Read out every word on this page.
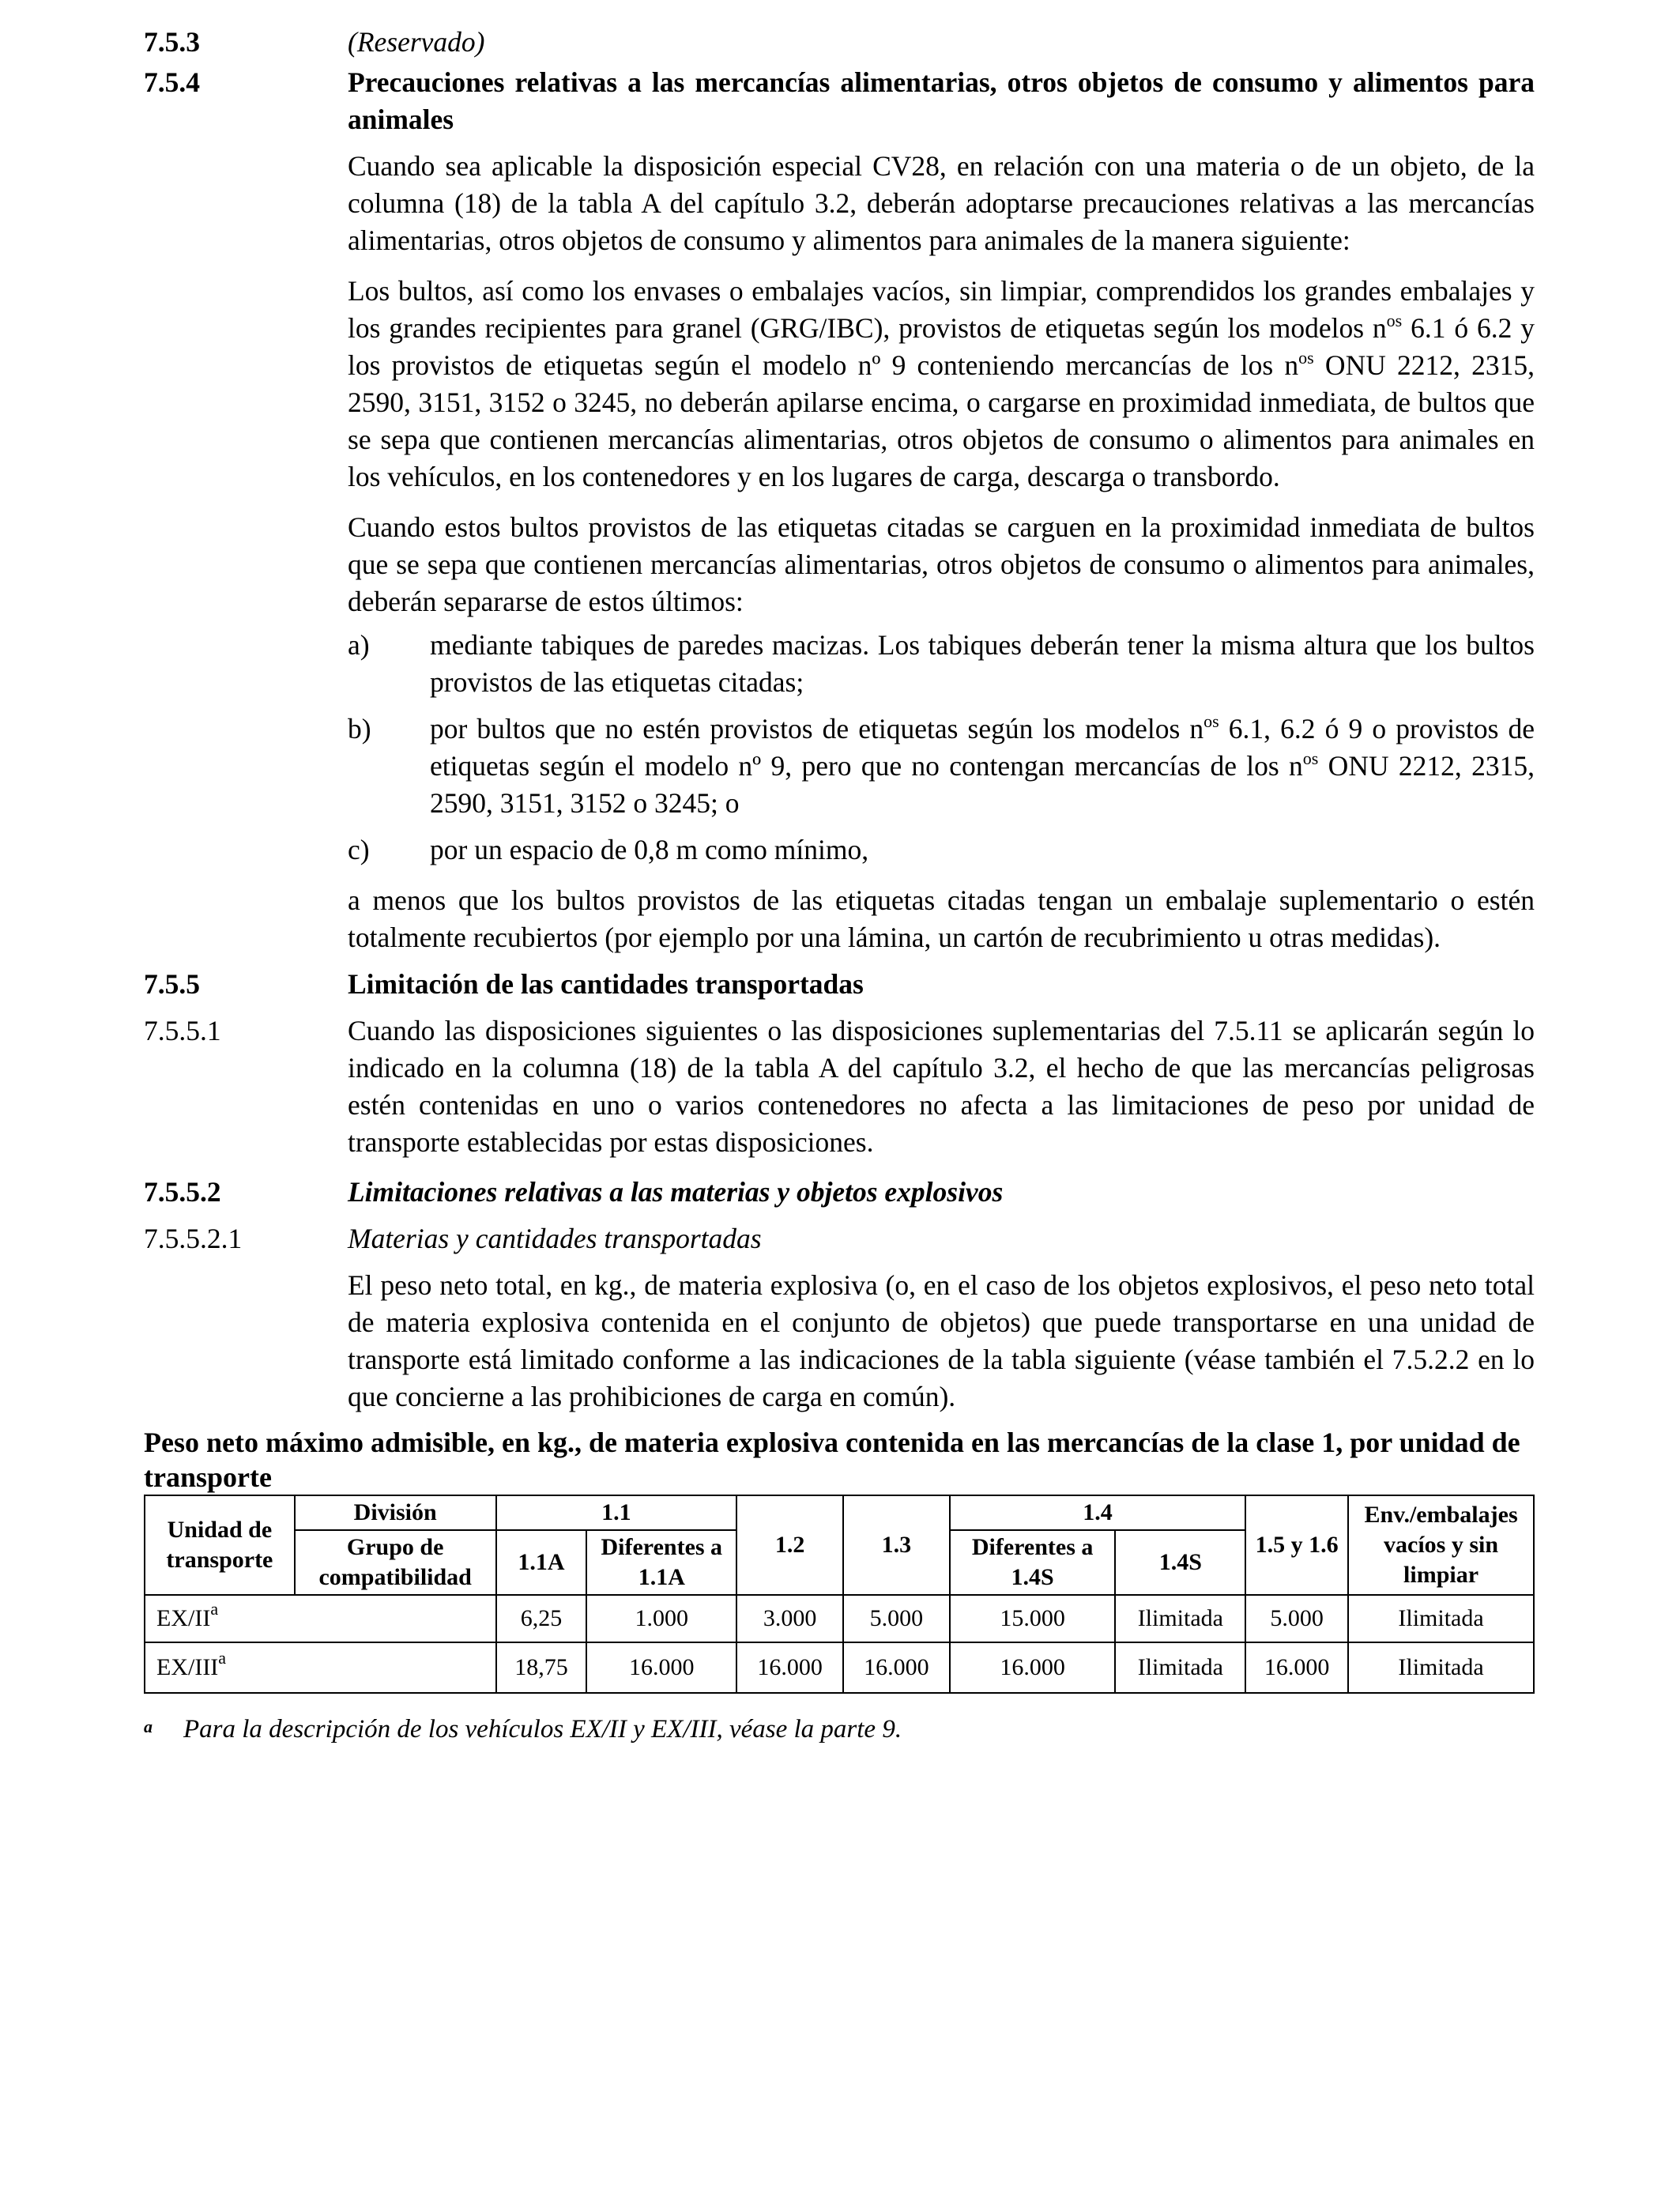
7.5.3	(Reservado)
7.5.4	Precauciones relativas a las mercancías alimentarias, otros objetos de consumo y alimentos para animales

Cuando sea aplicable la disposición especial CV28, en relación con una materia o de un objeto, de la columna (18) de la tabla A del capítulo 3.2, deberán adoptarse precauciones relativas a las mercancías alimentarias, otros objetos de consumo y alimentos para animales de la manera siguiente:

Los bultos, así como los envases o embalajes vacíos, sin limpiar, comprendidos los grandes embalajes y los grandes recipientes para granel (GRG/IBC), provistos de etiquetas según los modelos $n^{os}$ 6.1 ó 6.2 y los provistos de etiquetas según el modelo nº 9 conteniendo mercancías de los $n^{os}$ ONU 2212, 2315, 2590, 3151, 3152 o 3245, no deberán apilarse encima, o cargarse en proximidad inmediata, de bultos que se sepa que contienen mercancías alimentarias, otros objetos de consumo o alimentos para animales en los vehículos, en los contenedores y en los lugares de carga, descarga o transbordo.

Cuando estos bultos provistos de las etiquetas citadas se carguen en la proximidad inmediata de bultos que se sepa que contienen mercancías alimentarias, otros objetos de consumo o alimentos para animales, deberán separarse de estos últimos:

a)	mediante tabiques de paredes macizas. Los tabiques deberán tener la misma altura que los bultos provistos de las etiquetas citadas;
b)	por bultos que no estén provistos de etiquetas según los modelos $n^{os}$ 6.1, 6.2 ó 9 o provistos de etiquetas según el modelo nº 9, pero que no contengan mercancías de los $n^{os}$ ONU 2212, 2315, 2590, 3151, 3152 o 3245; o
c)	por un espacio de 0,8 m como mínimo,

a menos que los bultos provistos de las etiquetas citadas tengan un embalaje suplementario o estén totalmente recubiertos (por ejemplo por una lámina, un cartón de recubrimiento u otras medidas).

7.5.5	Limitación de las cantidades transportadas
7.5.5.1	Cuando las disposiciones siguientes o las disposiciones suplementarias del 7.5.11 se aplicarán según lo indicado en la columna (18) de la tabla A del capítulo 3.2, el hecho de que las mercancías peligrosas estén contenidas en uno o varios contenedores no afecta a las limitaciones de peso por unidad de transporte establecidas por estas disposiciones.
7.5.5.2	Limitaciones relativas a las materias y objetos explosivos
7.5.5.2.1	Materias y cantidades transportadas

El peso neto total, en kg., de materia explosiva (o, en el caso de los objetos explosivos, el peso neto total de materia explosiva contenida en el conjunto de objetos) que puede transportarse en una unidad de transporte está limitado conforme a las indicaciones de la tabla siguiente (véase también el 7.5.2.2 en lo que concierne a las prohibiciones de carga en común).

Peso neto máximo admisible, en kg., de materia explosiva contenida en las mercancías de la clase 1, por unidad de transporte
Unidad de transporte	División	1.1		1.2	1.3	1.4		1.5 y 1.6	Env./embalajes vacíos y sin limpiar
	Grupo de compatibilidad	1.1A	Diferentes a 1.1A			Diferentes a 1.4S	1.4S		
$EX/II^a$		6,25	1.000	3.000	5.000	15.000	Ilimitada	5.000	Ilimitada
EX/III$^a$		18,75	16.000	16.000	16.000	16.000	Ilimitada	16.000	Ilimitada
a Para la descripción de los vehículos EX/II y EX/III, véase la parte 9.
